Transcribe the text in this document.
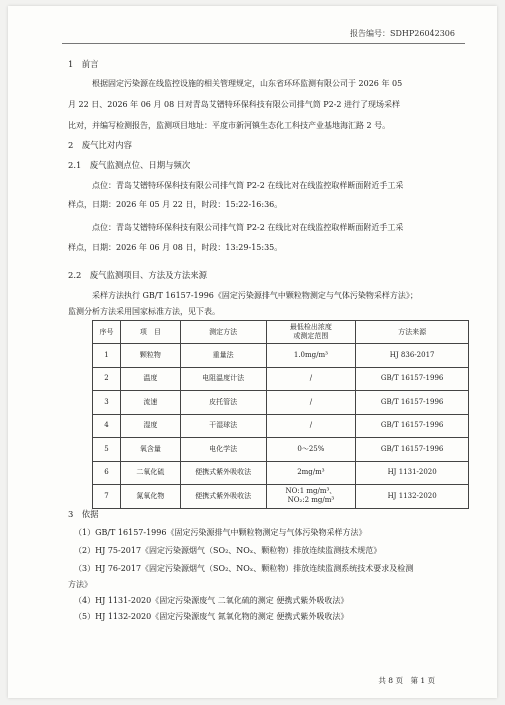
报告编号：SDHP26042306
1　前言
根据固定污染源在线监控设施的相关管理规定，山东省环环监测有限公司于 2026 年 05
月 22 日、2026 年 06 月 08 日对青岛艾镨特环保科技有限公司排气筒 P2-2 进行了现场采样
比对，并编写检测报告，监测项目地址：平度市新河镇生态化工科技产业基地海汇路 2 号。
2　废气比对内容
2.1　废气监测点位、日期与频次
点位：青岛艾镨特环保科技有限公司排气筒 P2-2 在线比对在线监控取样断面附近手工采
样点，日期：2026 年 05 月 22 日，时段：15:22-16:36。
点位：青岛艾镨特环保科技有限公司排气筒 P2-2 在线比对在线监控取样断面附近手工采
样点，日期：2026 年 06 月 08 日，时段：13:29-15:35。
2.2　废气监测项目、方法及方法来源
采样方法执行 GB/T 16157-1996《固定污染源排气中颗粒物测定与气体污染物采样方法》；
监测分析方法采用国家标准方法，见下表。
序号	项　目	测定方法	最低检出浓度
或测定范围	方法来源
1	颗粒物	重量法	1.0mg/m³	HJ 836-2017
2	温度	电阻温度计法	/	GB/T 16157-1996
3	流速	皮托管法	/	GB/T 16157-1996
4	湿度	干湿球法	/	GB/T 16157-1996
5	氧含量	电化学法	0～25%	GB/T 16157-1996
6	二氧化硫	便携式紫外吸收法	2mg/m³	HJ 1131-2020
7	氮氧化物	便携式紫外吸收法	NO:1 mg/m³、
NO₂:2 mg/m³	HJ 1132-2020
3　依据
（1）GB/T 16157-1996《固定污染源排气中颗粒物测定与气体污染物采样方法》
（2）HJ 75-2017《固定污染源烟气（SO₂、NOₓ、颗粒物）排放连续监测技术规范》
（3）HJ 76-2017《固定污染源烟气（SO₂、NOₓ、颗粒物）排放连续监测系统技术要求及检测
方法》
（4）HJ 1131-2020《固定污染源废气 二氧化硫的测定 便携式紫外吸收法》
（5）HJ 1132-2020《固定污染源废气 氮氧化物的测定 便携式紫外吸收法》
共 8 页　第 1 页
